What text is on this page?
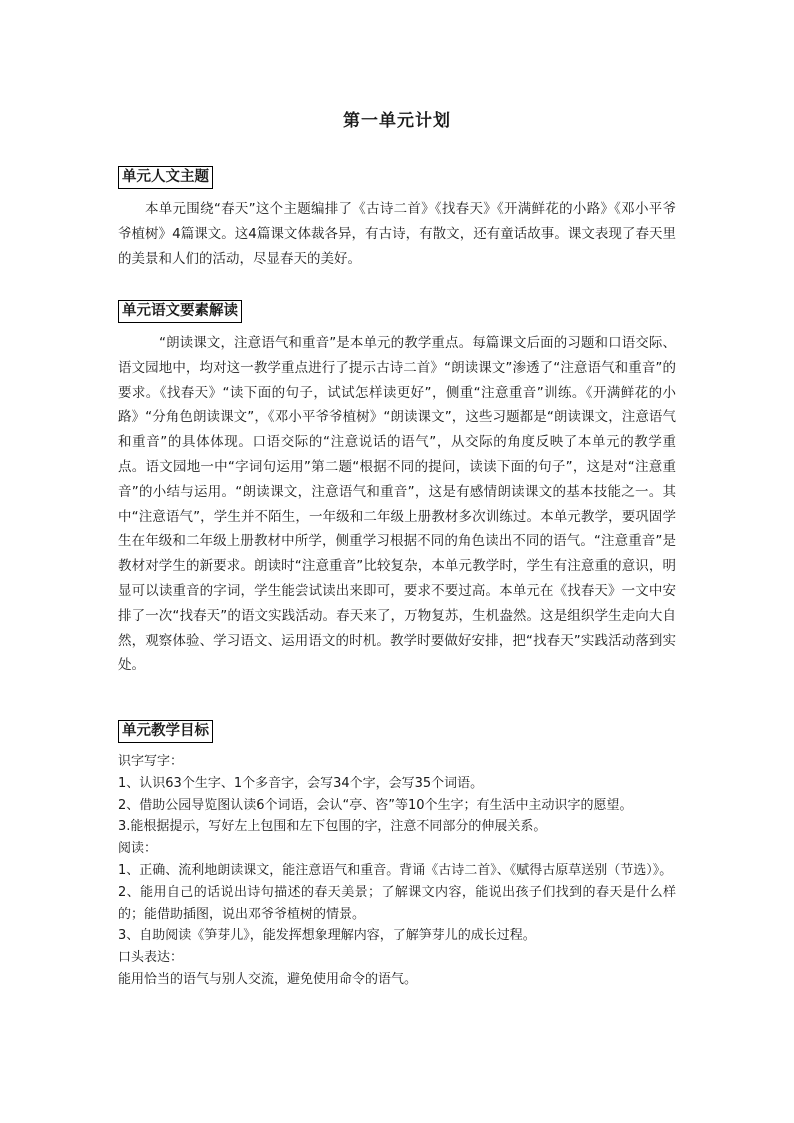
第一单元计划
单元人文主题

本单元围绕“春天”这个主题编排了《古诗二首》《找春天》《开满鲜花的小路》《邓小平爷爷植树》4篇课文。这4篇课文体裁各异，有古诗，有散文，还有童话故事。课文表现了春天里的美景和人们的活动，尽显春天的美好。

单元语文要素解读

“朗读课文，注意语气和重音”是本单元的教学重点。每篇课文后面的习题和口语交际、语文园地中，均对这一教学重点进行了提示古诗二首》“朗读课文”渗透了“注意语气和重音”的要求。《找春天》“读下面的句子，试试怎样读更好”，侧重“注意重音”训练。《开满鲜花的小路》“分角色朗读课文”，《邓小平爷爷植树》“朗读课文”，这些习题都是“朗读课文，注意语气和重音”的具体体现。口语交际的“注意说话的语气”，从交际的角度反映了本单元的教学重点。语文园地一中“字词句运用”第二题“根据不同的提问，读读下面的句子”，这是对“注意重音”的小结与运用。“朗读课文，注意语气和重音”，这是有感情朗读课文的基本技能之一。其中“注意语气”，学生并不陌生，一年级和二年级上册教材多次训练过。本单元教学，要巩固学生在年级和二年级上册教材中所学，侧重学习根据不同的角色读出不同的语气。“注意重音”是教材对学生的新要求。朗读时“注意重音”比较复杂，本单元教学时，学生有注意重的意识，明显可以读重音的字词，学生能尝试读出来即可，要求不要过高。本单元在《找春天》一文中安排了一次“找春天”的语文实践活动。春天来了，万物复苏，生机盎然。这是组织学生走向大自然，观察体验、学习语文、运用语文的时机。教学时要做好安排，把“找春天”实践活动落到实处。

单元教学目标

识字写字：

1、认识63个生字、1个多音字，会写34个字，会写35个词语。

2、借助公园导览图认读6个词语，会认“亭、咨”等10个生字；有生活中主动识字的愿望。

3.能根据提示，写好左上包围和左下包围的字，注意不同部分的伸展关系。

阅读：

1、正确、流利地朗读课文，能注意语气和重音。背诵《古诗二首》、《赋得古原草送别（节选）》。

2、能用自己的话说出诗句描述的春天美景；了解课文内容，能说出孩子们找到的春天是什么样的；能借助插图，说出邓爷爷植树的情景。

3、自助阅读《笋芽儿》，能发挥想象理解内容，了解笋芽儿的成长过程。

口头表达：

能用恰当的语气与别人交流，避免使用命令的语气。
